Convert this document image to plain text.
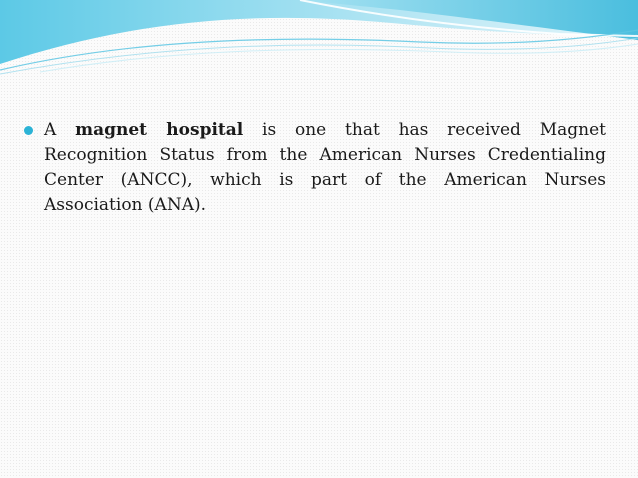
A magnet hospital is one that has received Magnet Recognition Status from the American Nurses Credentialing Center (ANCC), which is part of the American Nurses Association (ANA).
